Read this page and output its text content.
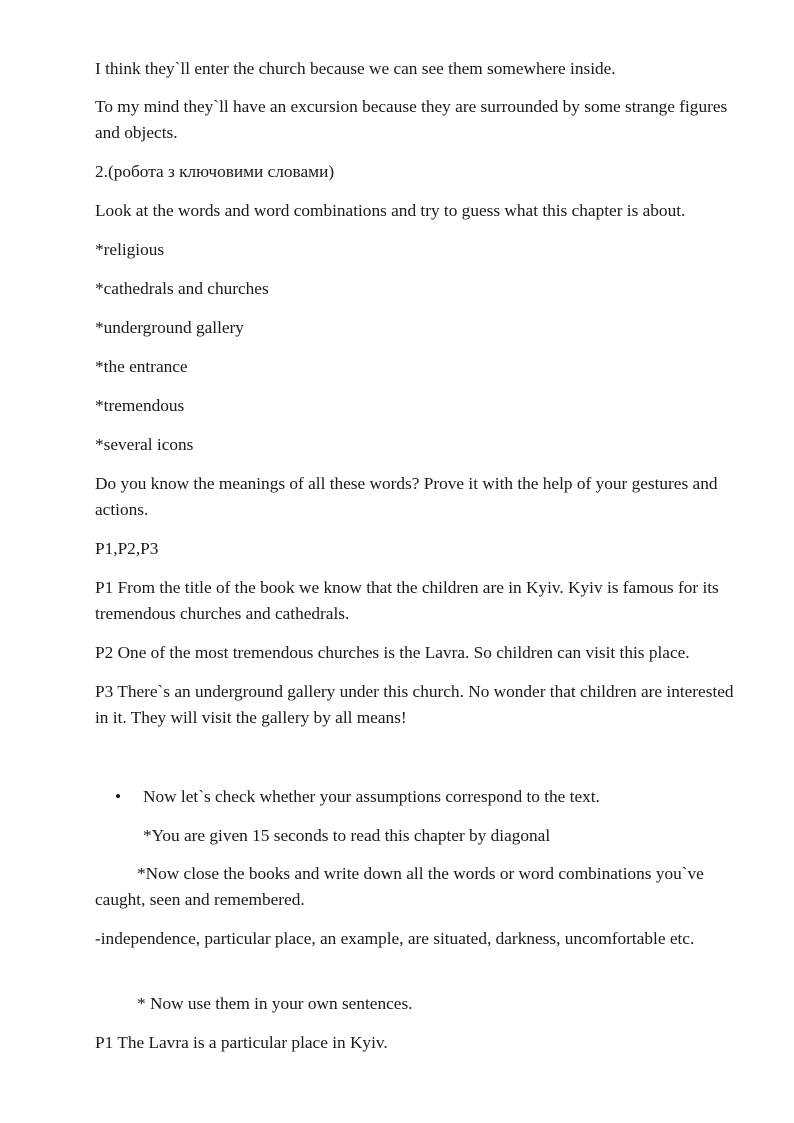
I think they`ll enter the church because we can see them somewhere inside.

To my mind they`ll have an excursion because they are surrounded by some strange figures and objects.

2.(робота з ключовими словами)

Look at the words and word combinations and try to guess what this chapter is about.

*religious

*cathedrals and churches

*underground gallery

*the entrance

*tremendous

*several icons

Do you know the meanings of all these words? Prove it with the help of your gestures and actions.

P1,P2,P3

P1 From the title of the book we know that the children are in Kyiv. Kyiv is famous for its tremendous churches and cathedrals.

P2 One of the most tremendous churches is the Lavra. So children can visit this place.

P3 There`s an underground gallery under this church. No wonder that children are interested in it. They will visit the gallery by all means!

• Now let`s check whether your assumptions correspond to the text.

*You are given 15 seconds to read this chapter by diagonal

*Now close the books and write down all the words or word combinations you`ve caught, seen and remembered.

-independence, particular place, an example, are situated, darkness, uncomfortable etc.

* Now use them in your own sentences.

P1 The Lavra is a particular place in Kyiv.
